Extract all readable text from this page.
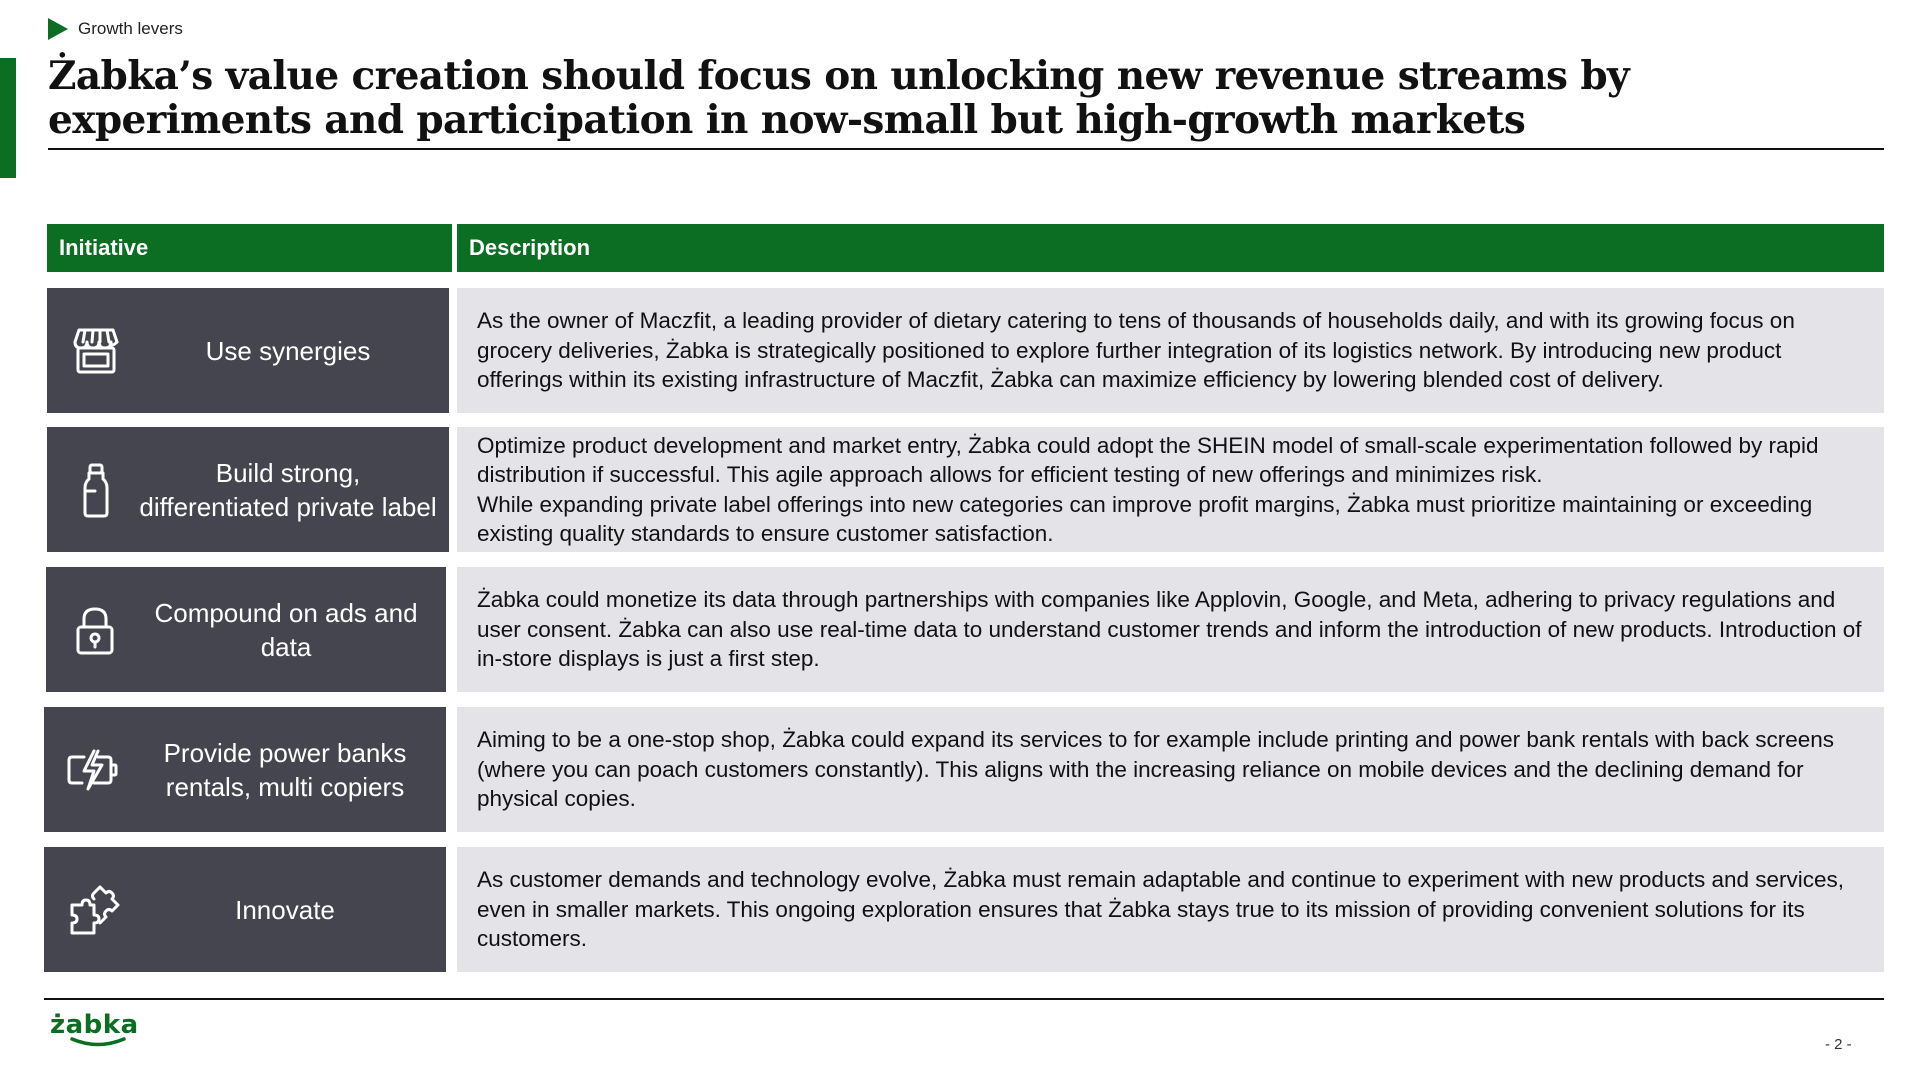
Growth levers
Żabka’s value creation should focus on unlocking new revenue streams by experiments and participation in now-small but high-growth markets
Initiative	Description
Use synergies
As the owner of Maczfit, a leading provider of dietary catering to tens of thousands of households daily, and with its growing focus on grocery deliveries, Żabka is strategically positioned to explore further integration of its logistics network. By introducing new product offerings within its existing infrastructure of Maczfit, Żabka can maximize efficiency by lowering blended cost of delivery.
Build strong, differentiated private label
Optimize product development and market entry, Żabka could adopt the SHEIN model of small-scale experimentation followed by rapid distribution if successful. This agile approach allows for efficient testing of new offerings and minimizes risk.
While expanding private label offerings into new categories can improve profit margins, Żabka must prioritize maintaining or exceeding existing quality standards to ensure customer satisfaction.
Compound on ads and data
Żabka could monetize its data through partnerships with companies like Applovin, Google, and Meta, adhering to privacy regulations and user consent. Żabka can also use real-time data to understand customer trends and inform the introduction of new products. Introduction of in-store displays is just a first step.
Provide power banks rentals, multi copiers
Aiming to be a one-stop shop, Żabka could expand its services to for example include printing and power bank rentals with back screens (where you can poach customers constantly). This aligns with the increasing reliance on mobile devices and the declining demand for physical copies.
Innovate
As customer demands and technology evolve, Żabka must remain adaptable and continue to experiment with new products and services, even in smaller markets. This ongoing exploration ensures that Żabka stays true to its mission of providing convenient solutions for its customers.
żabka
- 2 -
